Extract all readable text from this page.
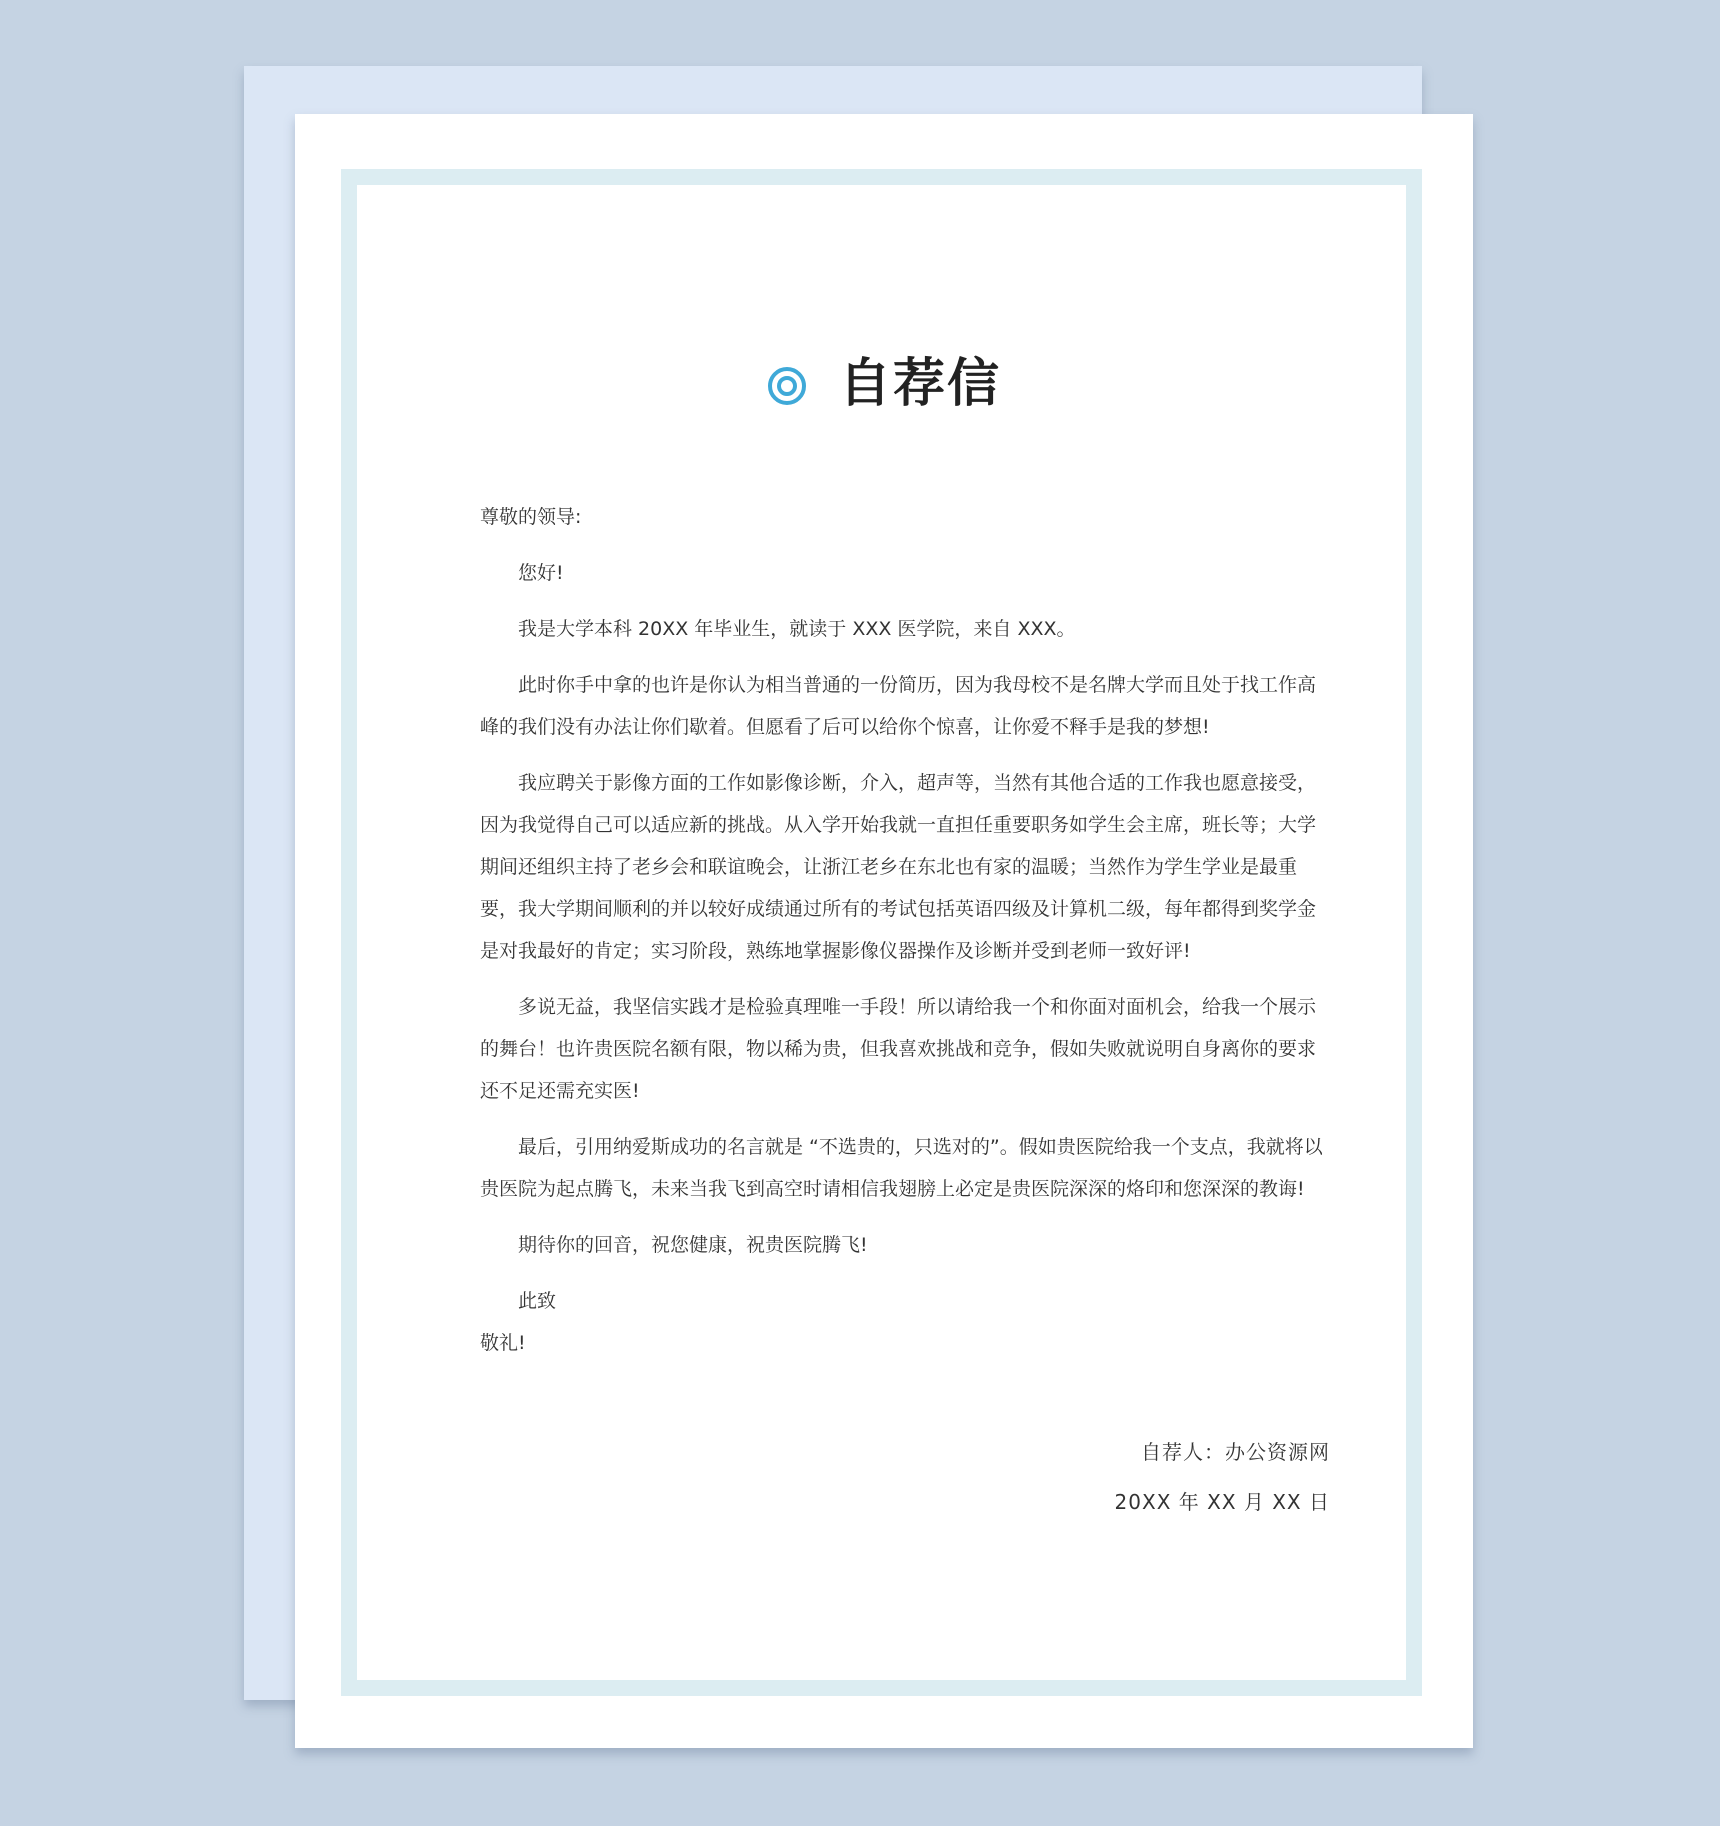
自荐信

尊敬的领导:

您好!

我是大学本科 20XX 年毕业生，就读于 XXX 医学院，来自 XXX。

此时你手中拿的也许是你认为相当普通的一份简历，因为我母校不是名牌大学而且处于找工作高峰的我们没有办法让你们歇着。但愿看了后可以给你个惊喜，让你爱不释手是我的梦想!

我应聘关于影像方面的工作如影像诊断，介入，超声等，当然有其他合适的工作我也愿意接受，因为我觉得自己可以适应新的挑战。从入学开始我就一直担任重要职务如学生会主席，班长等；大学期间还组织主持了老乡会和联谊晚会，让浙江老乡在东北也有家的温暖；当然作为学生学业是最重要，我大学期间顺利的并以较好成绩通过所有的考试包括英语四级及计算机二级，每年都得到奖学金是对我最好的肯定；实习阶段，熟练地掌握影像仪器操作及诊断并受到老师一致好评!

多说无益，我坚信实践才是检验真理唯一手段！所以请给我一个和你面对面机会，给我一个展示的舞台！也许贵医院名额有限，物以稀为贵，但我喜欢挑战和竞争，假如失败就说明自身离你的要求还不足还需充实医!

最后，引用纳爱斯成功的名言就是 “不选贵的，只选对的”。假如贵医院给我一个支点，我就将以贵医院为起点腾飞，未来当我飞到高空时请相信我翅膀上必定是贵医院深深的烙印和您深深的教诲!

期待你的回音，祝您健康，祝贵医院腾飞!

此致

敬礼!

自荐人：办公资源网
20XX 年 XX 月 XX 日
